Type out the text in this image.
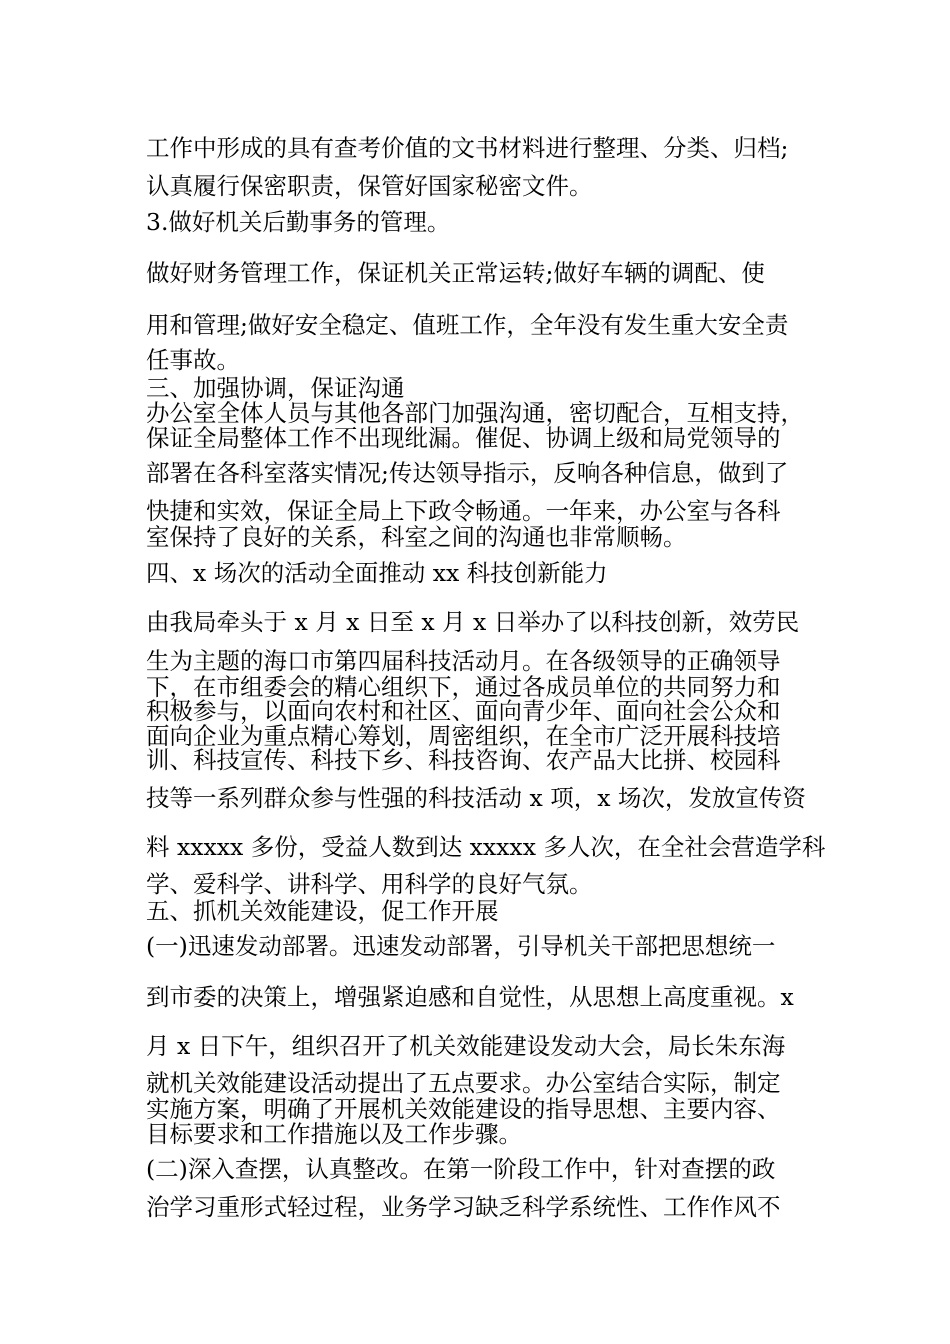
工作中形成的具有查考价值的文书材料进行整理、分类、归档;
认真履行保密职责，保管好国家秘密文件。
3.做好机关后勤事务的管理。
做好财务管理工作，保证机关正常运转;做好车辆的调配、使
用和管理;做好安全稳定、值班工作，全年没有发生重大安全责
任事故。
三、加强协调，保证沟通
办公室全体人员与其他各部门加强沟通，密切配合，互相支持，
保证全局整体工作不出现纰漏。催促、协调上级和局党领导的
部署在各科室落实情况;传达领导指示，反响各种信息，做到了
快捷和实效，保证全局上下政令畅通。一年来，办公室与各科
室保持了良好的关系，科室之间的沟通也非常顺畅。
四、x 场次的活动全面推动 xx 科技创新能力
由我局牵头于 x 月 x 日至 x 月 x 日举办了以科技创新，效劳民
生为主题的海口市第四届科技活动月。在各级领导的正确领导
下，在市组委会的精心组织下，通过各成员单位的共同努力和
积极参与，以面向农村和社区、面向青少年、面向社会公众和
面向企业为重点精心筹划，周密组织，在全市广泛开展科技培
训、科技宣传、科技下乡、科技咨询、农产品大比拼、校园科
技等一系列群众参与性强的科技活动 x 项，x 场次，发放宣传资
料 xxxxx 多份，受益人数到达 xxxxx 多人次，在全社会营造学科
学、爱科学、讲科学、用科学的良好气氛。
五、抓机关效能建设，促工作开展
(一)迅速发动部署。迅速发动部署，引导机关干部把思想统一
到市委的决策上，增强紧迫感和自觉性，从思想上高度重视。x
月 x 日下午，组织召开了机关效能建设发动大会，局长朱东海
就机关效能建设活动提出了五点要求。办公室结合实际，制定
实施方案，明确了开展机关效能建设的指导思想、主要内容、
目标要求和工作措施以及工作步骤。
(二)深入查摆，认真整改。在第一阶段工作中，针对查摆的政
治学习重形式轻过程，业务学习缺乏科学系统性、工作作风不
